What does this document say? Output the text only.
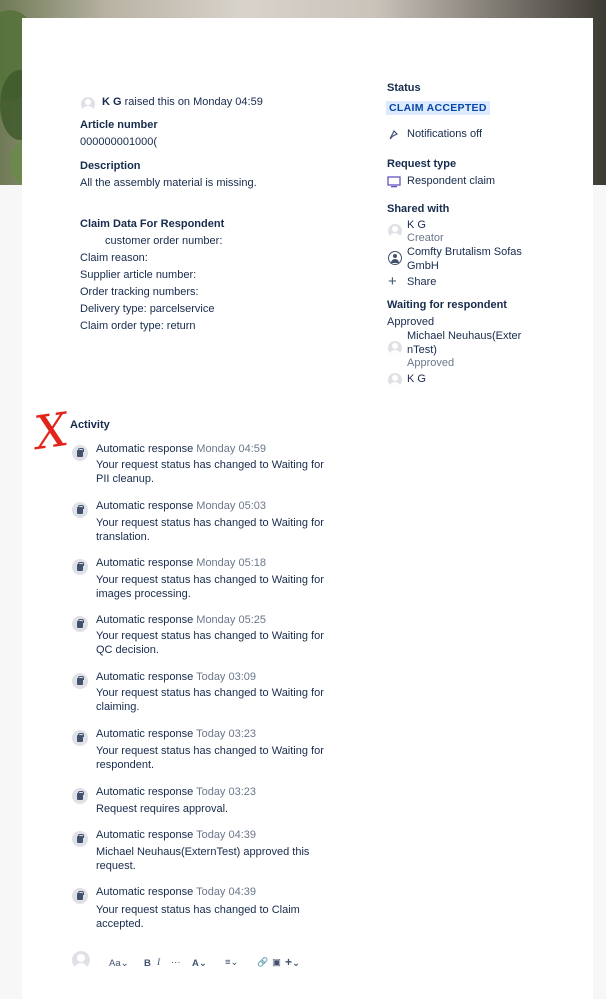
K G raised this on Monday 04:59
Article number
000000001000(
Description
All the assembly material is missing.
Claim Data For Respondent
customer order number:
Claim reason:
Supplier article number:
Order tracking numbers:
Delivery type: parcelservice
Claim order type: return
Status
CLAIM ACCEPTED
Notifications off
Request type
Respondent claim
Shared with
K G
Creator
Comfty Brutalism Sofas
GmbH
+ Share
Waiting for respondent
Approved
Michael Neuhaus(Exter
nTest)
Approved
K G
X
Activity
Automatic response Monday 04:59
Your request status has changed to Waiting for
PII cleanup.
Automatic response Monday 05:03
Your request status has changed to Waiting for
translation.
Automatic response Monday 05:18
Your request status has changed to Waiting for
images processing.
Automatic response Monday 05:25
Your request status has changed to Waiting for
QC decision.
Automatic response Today 03:09
Your request status has changed to Waiting for
claiming.
Automatic response Today 03:23
Your request status has changed to Waiting for
respondent.
Automatic response Today 03:23
Request requires approval.
Automatic response Today 04:39
Michael Neuhaus(ExternTest) approved this
request.
Automatic response Today 04:39
Your request status has changed to Claim
accepted.
Aa⌄ B I ··· A⌄ ≡⌄ 🔗 ▣ +⌄
